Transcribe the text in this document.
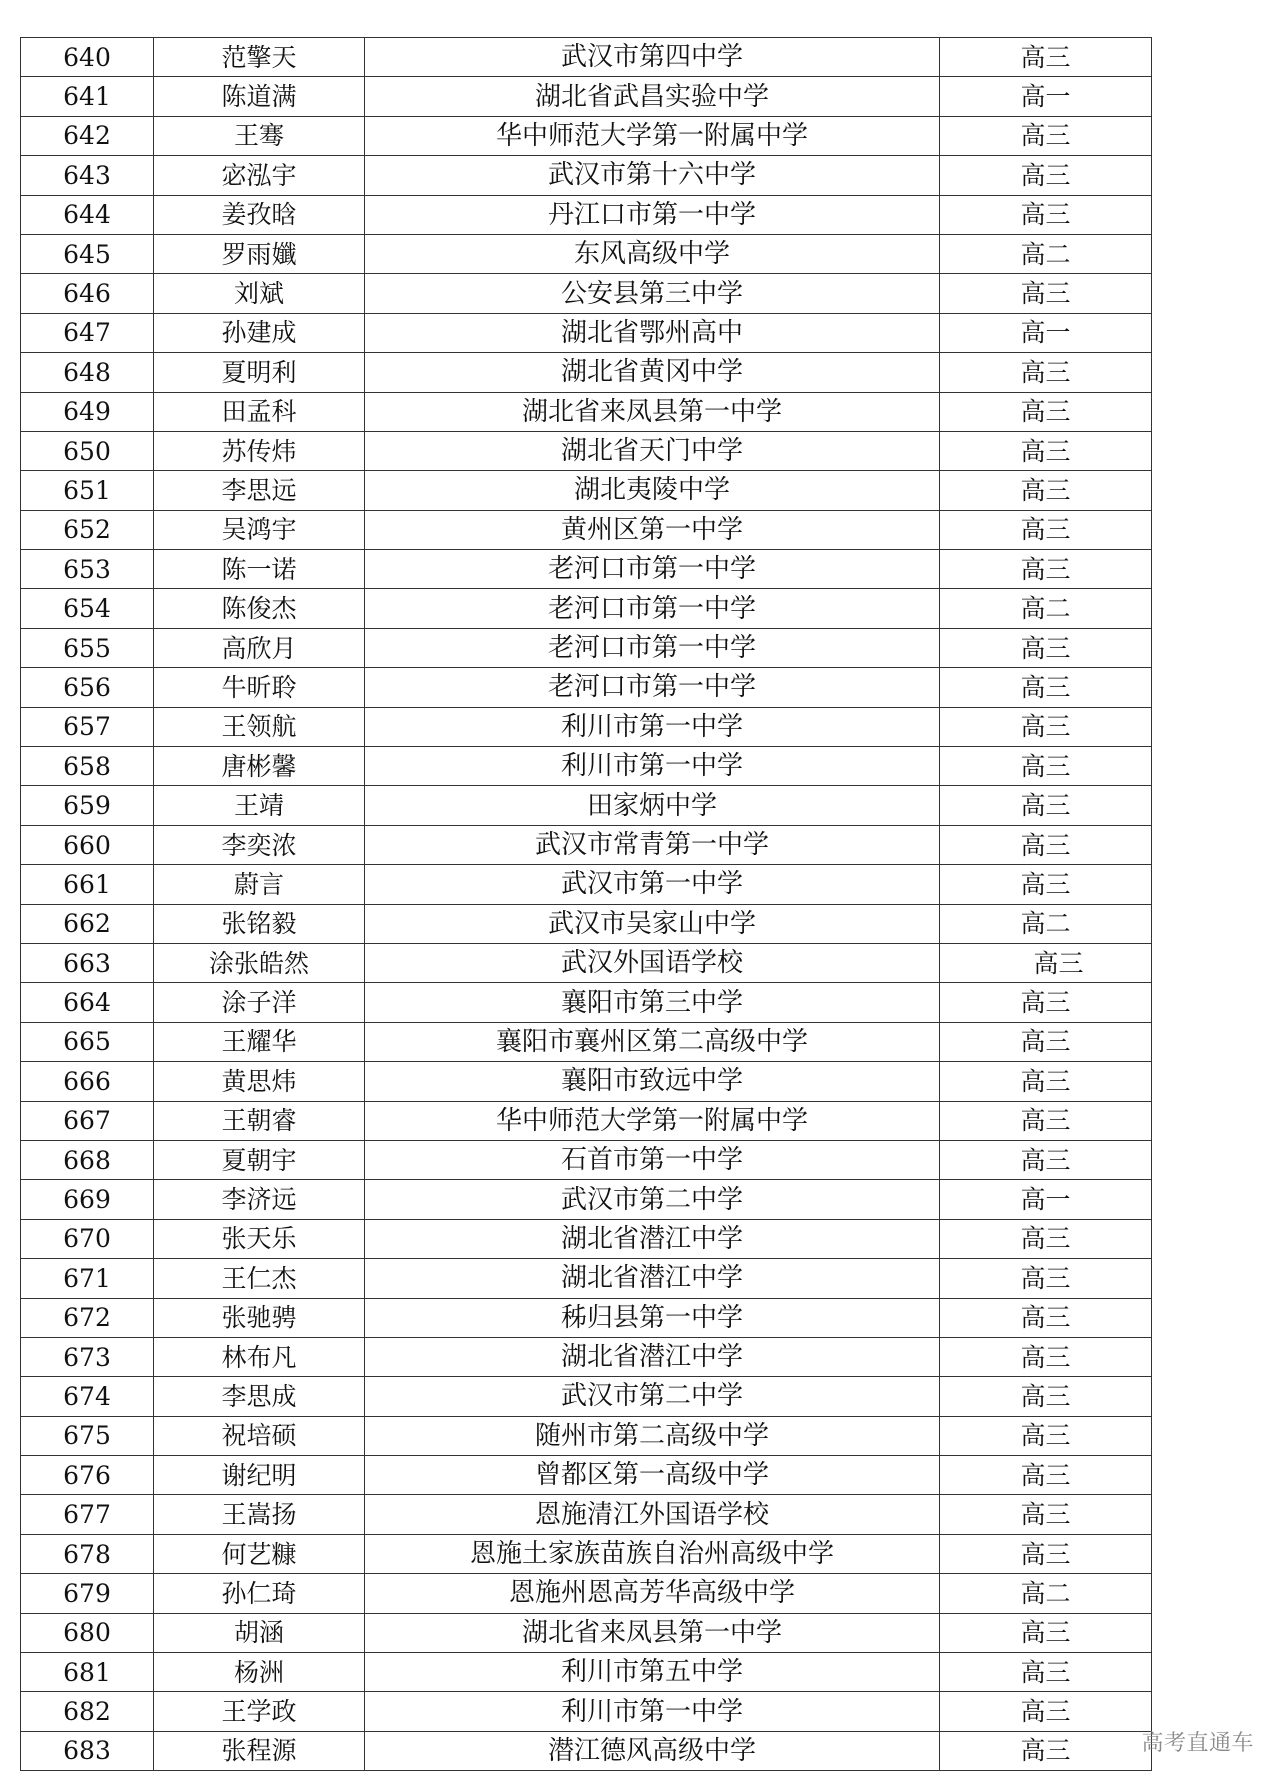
640	范擎天	武汉市第四中学	高三
641	陈道满	湖北省武昌实验中学	高一
642	王骞	华中师范大学第一附属中学	高三
643	宓泓宇	武汉市第十六中学	高三
644	姜孜晗	丹江口市第一中学	高三
645	罗雨孅	东风高级中学	高二
646	刘斌	公安县第三中学	高三
647	孙建成	湖北省鄂州高中	高一
648	夏明利	湖北省黄冈中学	高三
649	田孟科	湖北省来凤县第一中学	高三
650	苏传炜	湖北省天门中学	高三
651	李思远	湖北夷陵中学	高三
652	吴鸿宇	黄州区第一中学	高三
653	陈一诺	老河口市第一中学	高三
654	陈俊杰	老河口市第一中学	高二
655	高欣月	老河口市第一中学	高三
656	牛昕聆	老河口市第一中学	高三
657	王领航	利川市第一中学	高三
658	唐彬馨	利川市第一中学	高三
659	王靖	田家炳中学	高三
660	李奕浓	武汉市常青第一中学	高三
661	蔚言	武汉市第一中学	高三
662	张铭毅	武汉市吴家山中学	高二
663	涂张皓然	武汉外国语学校	高三
664	涂子洋	襄阳市第三中学	高三
665	王耀华	襄阳市襄州区第二高级中学	高三
666	黄思炜	襄阳市致远中学	高三
667	王朝睿	华中师范大学第一附属中学	高三
668	夏朝宇	石首市第一中学	高三
669	李济远	武汉市第二中学	高一
670	张天乐	湖北省潜江中学	高三
671	王仁杰	湖北省潜江中学	高三
672	张驰骋	秭归县第一中学	高三
673	林布凡	湖北省潜江中学	高三
674	李思成	武汉市第二中学	高三
675	祝培硕	随州市第二高级中学	高三
676	谢纪明	曾都区第一高级中学	高三
677	王嵩扬	恩施清江外国语学校	高三
678	何艺糠	恩施土家族苗族自治州高级中学	高三
679	孙仁琦	恩施州恩高芳华高级中学	高二
680	胡涵	湖北省来凤县第一中学	高三
681	杨洲	利川市第五中学	高三
682	王学政	利川市第一中学	高三
683	张程源	潜江德风高级中学	高三	高考直通车
